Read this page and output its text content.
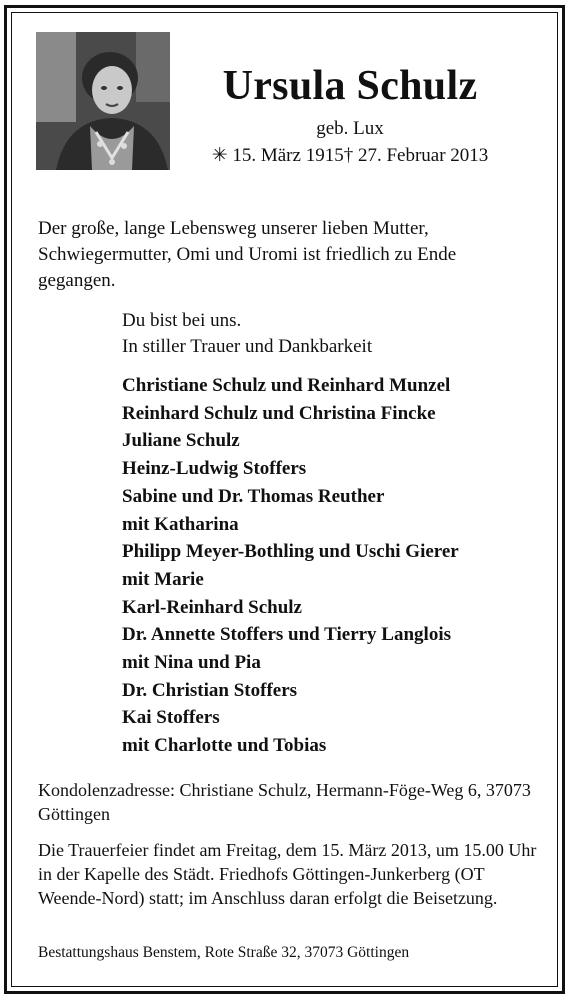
Ursula Schulz
geb. Lux
✳ 15. März 1915† 27. Februar 2013
Der große, lange Lebensweg unserer lieben Mutter, Schwiegermutter, Omi und Uromi ist friedlich zu Ende gegangen.
Du bist bei uns.
In stiller Trauer und Dankbarkeit
Christiane Schulz und Reinhard Munzel
Reinhard Schulz und Christina Fincke
Juliane Schulz
Heinz-Ludwig Stoffers
Sabine und Dr. Thomas Reuther
mit Katharina
Philipp Meyer-Bothling und Uschi Gierer
mit Marie
Karl-Reinhard Schulz
Dr. Annette Stoffers und Tierry Langlois
mit Nina und Pia
Dr. Christian Stoffers
Kai Stoffers
mit Charlotte und Tobias
Kondolenzadresse: Christiane Schulz, Hermann-Föge-Weg 6, 37073 Göttingen
Die Trauerfeier findet am Freitag, dem 15. März 2013, um 15.00 Uhr in der Kapelle des Städt. Friedhofs Göttingen-Junkerberg (OT Weende-Nord) statt; im Anschluss daran erfolgt die Beisetzung.
Bestattungshaus Benstem, Rote Straße 32, 37073 Göttingen
